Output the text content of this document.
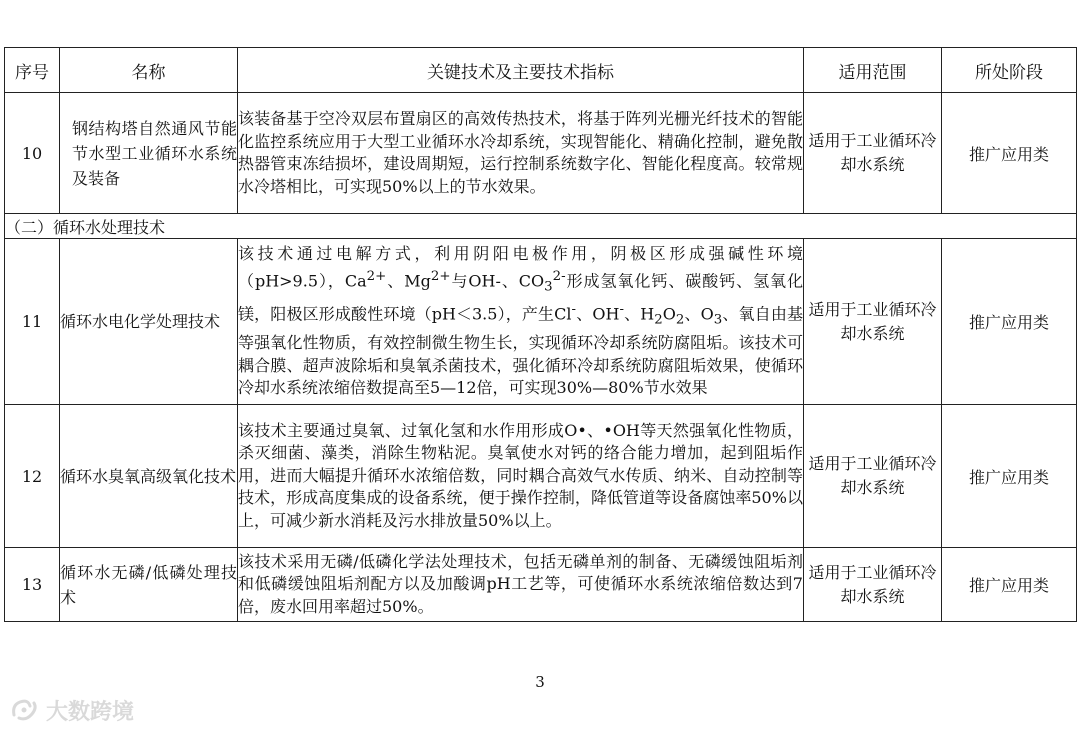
序号	名称	关键技术及主要技术指标	适用范围	所处阶段
10	钢结构塔自然通风节能节水型工业循环水系统及装备	该装备基于空冷双层布置扇区的高效传热技术，将基于阵列光栅光纤技术的智能化监控系统应用于大型工业循环水冷却系统，实现智能化、精确化控制，避免散热器管束冻结损坏，建设周期短，运行控制系统数字化、智能化程度高。较常规水冷塔相比，可实现50%以上的节水效果。	适用于工业循环冷却水系统	推广应用类
（二）循环水处理技术				
11	循环水电化学处理技术	该技术通过电解方式，利用阴阳电极作用，阴极区形成强碱性环境（pH>9.5），$Ca^{2+}$、$Mg^{2+}$与OH-、$CO_3^{2-}$形成氢氧化钙、碳酸钙、氢氧化镁，阳极区形成酸性环境（pH＜3.5），产生Cl-、OH-、$H_2O_2$、$O_3$、氧自由基等强氧化性物质，有效控制微生物生长，实现循环冷却系统防腐阻垢。该技术可耦合膜、超声波除垢和臭氧杀菌技术，强化循环冷却系统防腐阻垢效果，使循环冷却水系统浓缩倍数提高至5—12倍，可实现30%—80%节水效果	适用于工业循环冷却水系统	推广应用类
12	循环水臭氧高级氧化技术	该技术主要通过臭氧、过氧化氢和水作用形成O•、•OH等天然强氧化性物质，杀灭细菌、藻类，消除生物粘泥。臭氧使水对钙的络合能力增加，起到阻垢作用，进而大幅提升循环水浓缩倍数，同时耦合高效气水传质、纳米、自动控制等技术，形成高度集成的设备系统，便于操作控制，降低管道等设备腐蚀率50%以上，可减少新水消耗及污水排放量50%以上。	适用于工业循环冷却水系统	推广应用类
13	循环水无磷/低磷处理技术	该技术采用无磷/低磷化学法处理技术，包括无磷单剂的制备、无磷缓蚀阻垢剂和低磷缓蚀阻垢剂配方以及加酸调pH工艺等，可使循环水系统浓缩倍数达到7倍，废水回用率超过50%。	适用于工业循环冷却水系统	推广应用类
3
大数跨境
